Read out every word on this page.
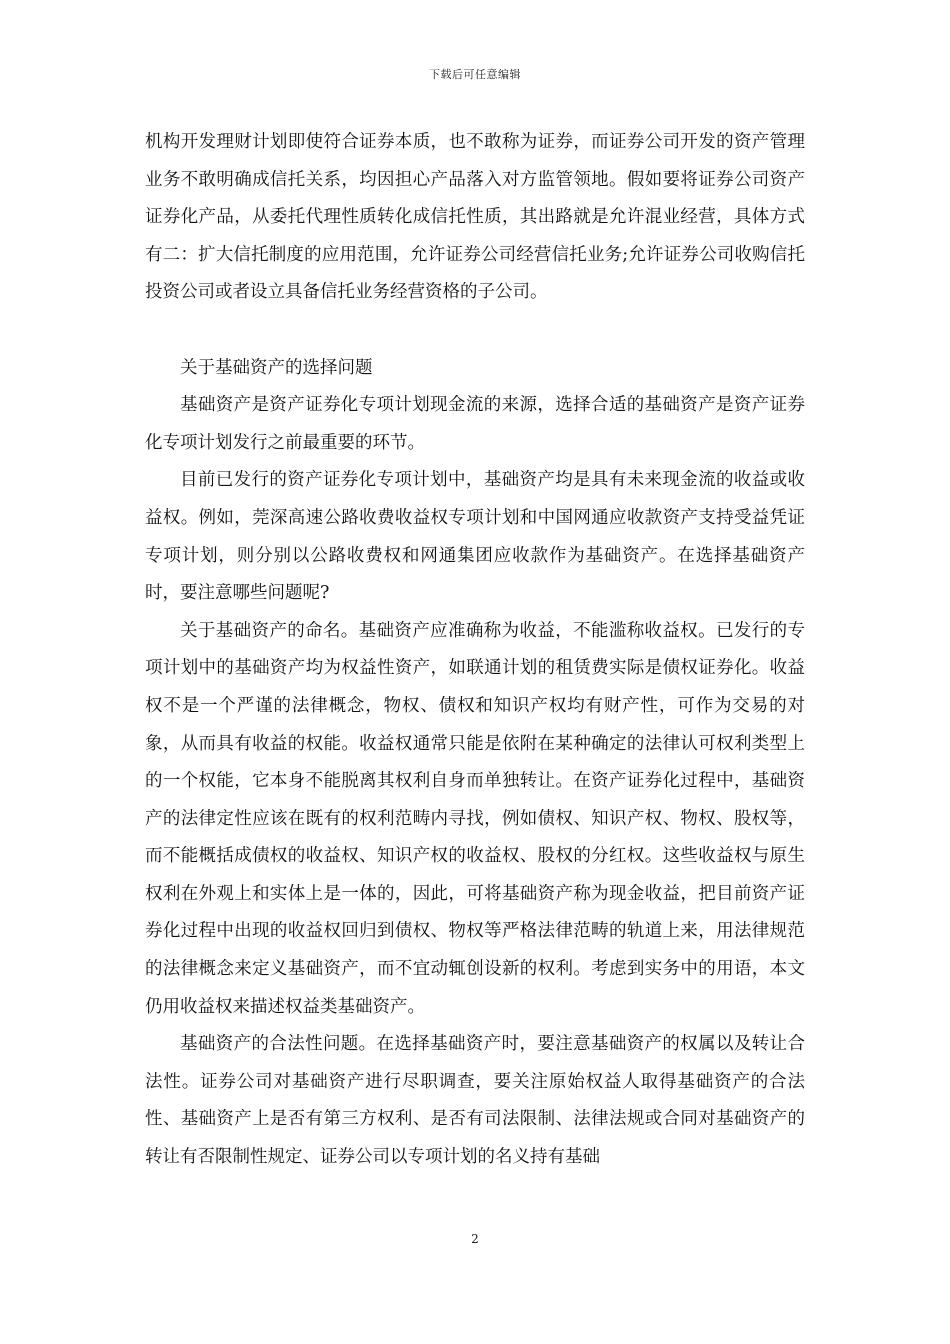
下载后可任意编辑

机构开发理财计划即使符合证券本质，也不敢称为证券，而证券公司开发的资产管理业务不敢明确成信托关系，均因担心产品落入对方监管领地。假如要将证券公司资产证券化产品，从委托代理性质转化成信托性质，其出路就是允许混业经营，具体方式有二：扩大信托制度的应用范围，允许证券公司经营信托业务;允许证券公司收购信托投资公司或者设立具备信托业务经营资格的子公司。

关于基础资产的选择问题

基础资产是资产证券化专项计划现金流的来源，选择合适的基础资产是资产证券化专项计划发行之前最重要的环节。

目前已发行的资产证券化专项计划中，基础资产均是具有未来现金流的收益或收益权。例如，莞深高速公路收费收益权专项计划和中国网通应收款资产支持受益凭证专项计划，则分别以公路收费权和网通集团应收款作为基础资产。在选择基础资产时，要注意哪些问题呢?

关于基础资产的命名。基础资产应准确称为收益，不能滥称收益权。已发行的专项计划中的基础资产均为权益性资产，如联通计划的租赁费实际是债权证券化。收益权不是一个严谨的法律概念，物权、债权和知识产权均有财产性，可作为交易的对象，从而具有收益的权能。收益权通常只能是依附在某种确定的法律认可权利类型上的一个权能，它本身不能脱离其权利自身而单独转让。在资产证券化过程中，基础资产的法律定性应该在既有的权利范畴内寻找，例如债权、知识产权、物权、股权等，而不能概括成债权的收益权、知识产权的收益权、股权的分红权。这些收益权与原生权利在外观上和实体上是一体的，因此，可将基础资产称为现金收益，把目前资产证券化过程中出现的收益权回归到债权、物权等严格法律范畴的轨道上来，用法律规范的法律概念来定义基础资产，而不宜动辄创设新的权利。考虑到实务中的用语，本文仍用收益权来描述权益类基础资产。

基础资产的合法性问题。在选择基础资产时，要注意基础资产的权属以及转让合法性。证券公司对基础资产进行尽职调查，要关注原始权益人取得基础资产的合法性、基础资产上是否有第三方权利、是否有司法限制、法律法规或合同对基础资产的转让有否限制性规定、证券公司以专项计划的名义持有基础

2
